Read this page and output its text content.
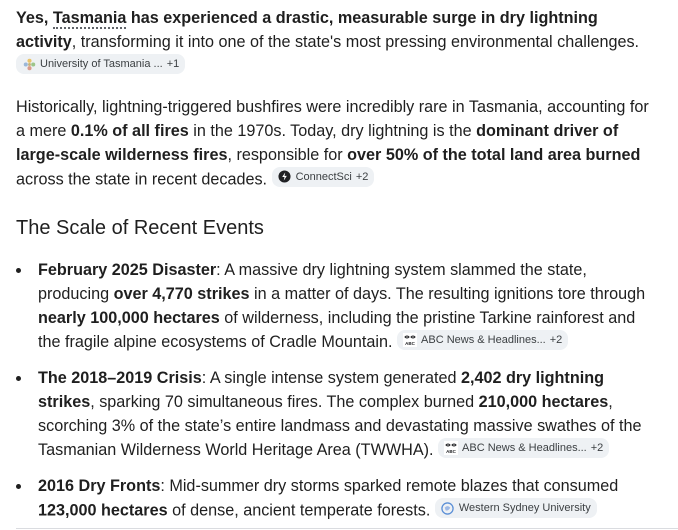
Yes, Tasmania has experienced a drastic, measurable surge in dry lightning activity, transforming it into one of the state's most pressing environmental challenges.
University of Tasmania ... +1

Historically, lightning-triggered bushfires were incredibly rare in Tasmania, accounting for a mere 0.1% of all fires in the 1970s. Today, dry lightning is the dominant driver of large-scale wilderness fires, responsible for over 50% of the total land area burned across the state in recent decades.	ConnectSci +2

The Scale of Recent Events
February 2025 Disaster: A massive dry lightning system slammed the state, producing over 4,770 strikes in a matter of days. The resulting ignitions tore through nearly 100,000 hectares of wilderness, including the pristine Tarkine rainforest and the fragile alpine ecosystems of Cradle Mountain.	ABC ABC News & Headlines... +2
The 2018–2019 Crisis: A single intense system generated 2,402 dry lightning strikes, sparking 70 simultaneous fires. The complex burned 210,000 hectares, scorching 3% of the state’s entire landmass and devastating massive swathes of the Tasmanian Wilderness World Heritage Area (TWWHA).	ABC ABC News & Headlines... +2
2016 Dry Fronts: Mid-summer dry storms sparked remote blazes that consumed 123,000 hectares of dense, ancient temperate forests.	Western Sydney University
